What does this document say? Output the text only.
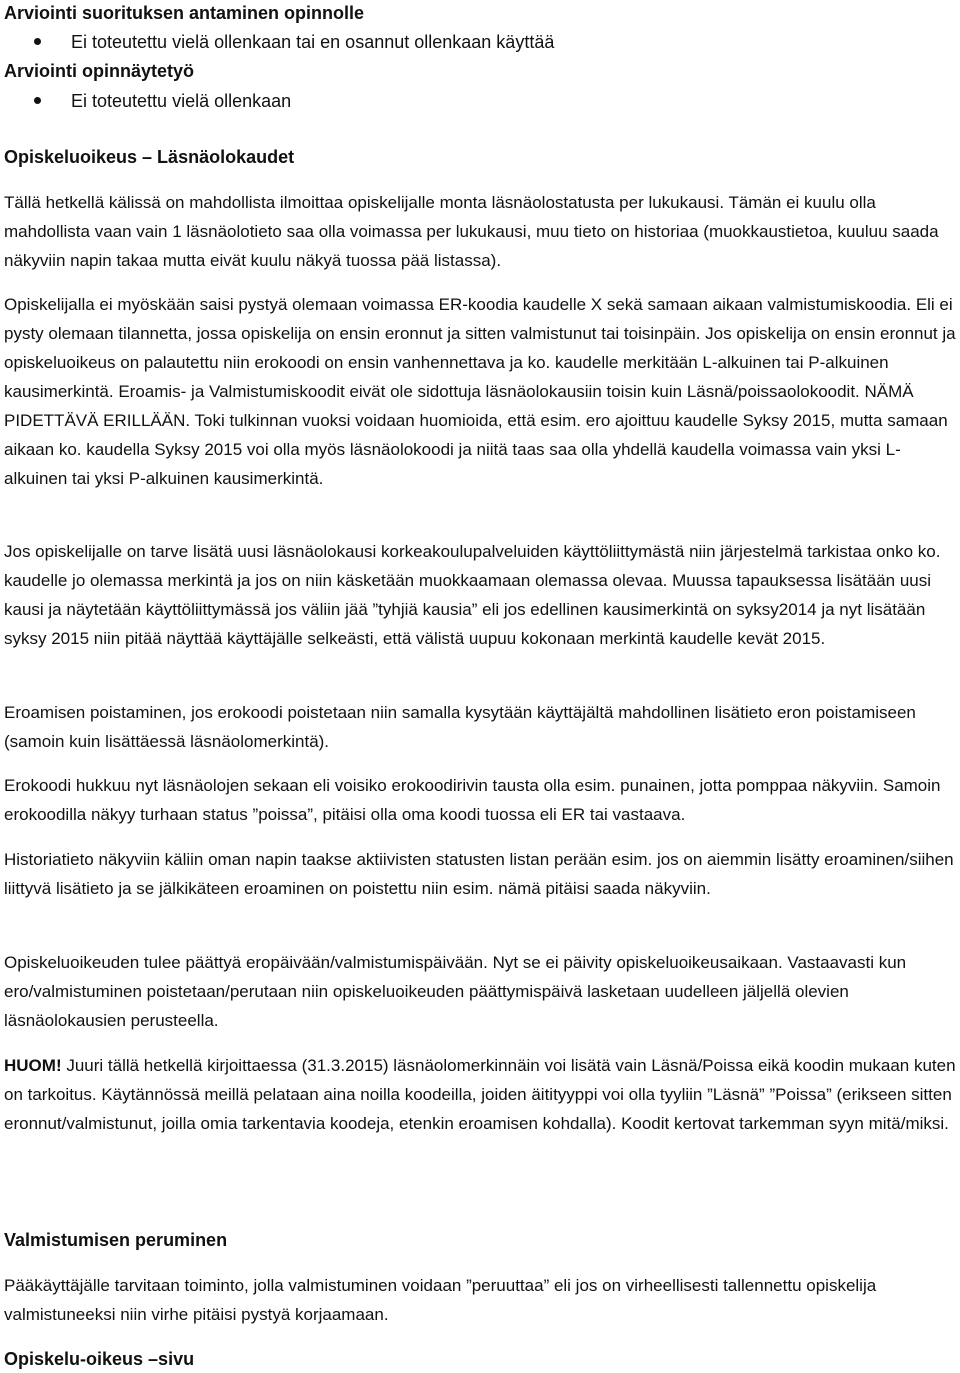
Arviointi suorituksen antaminen opinnolle
Ei toteutettu vielä ollenkaan tai en osannut ollenkaan käyttää
Arviointi opinnäytetyö
Ei toteutettu vielä ollenkaan
Opiskeluoikeus – Läsnäolokaudet
Tällä hetkellä kälissä on mahdollista ilmoittaa opiskelijalle monta läsnäolostatusta per lukukausi. Tämän ei kuulu olla mahdollista vaan vain 1 läsnäolotieto saa olla voimassa per lukukausi, muu tieto on historiaa (muokkaustietoa, kuuluu saada näkyviin napin takaa mutta eivät kuulu näkyä tuossa pää listassa).
Opiskelijalla ei myöskään saisi pystyä olemaan voimassa ER-koodia kaudelle X sekä samaan aikaan valmistumiskoodia. Eli ei pysty olemaan tilannetta, jossa opiskelija on ensin eronnut ja sitten valmistunut tai toisinpäin. Jos opiskelija on ensin eronnut ja opiskeluoikeus on palautettu niin erokoodi on ensin vanhennettava ja ko. kaudelle merkitään L-alkuinen tai P-alkuinen kausimerkintä. Eroamis- ja Valmistumiskoodit eivät ole sidottuja läsnäolokausiin toisin kuin Läsnä/poissaolokoodit. NÄMÄ PIDETTÄVÄ ERILLÄÄN. Toki tulkinnan vuoksi voidaan huomioida, että esim. ero ajoittuu kaudelle Syksy 2015, mutta samaan aikaan ko. kaudella Syksy 2015 voi olla myös läsnäolokoodi ja niitä taas saa olla yhdellä kaudella voimassa vain yksi L-alkuinen tai yksi P-alkuinen kausimerkintä.
Jos opiskelijalle on tarve lisätä uusi läsnäolokausi korkeakoulupalveluiden käyttöliittymästä niin järjestelmä tarkistaa onko ko. kaudelle jo olemassa merkintä ja jos on niin käsketään muokkaamaan olemassa olevaa. Muussa tapauksessa lisätään uusi kausi ja näytetään käyttöliittymässä jos väliin jää ”tyhjiä kausia” eli jos edellinen kausimerkintä on syksy2014 ja nyt lisätään syksy 2015 niin pitää näyttää käyttäjälle selkeästi, että välistä uupuu kokonaan merkintä kaudelle kevät 2015.
Eroamisen poistaminen, jos erokoodi poistetaan niin samalla kysytään käyttäjältä mahdollinen lisätieto eron poistamiseen (samoin kuin lisättäessä läsnäolomerkintä).
Erokoodi hukkuu nyt läsnäolojen sekaan eli voisiko erokoodirivin tausta olla esim. punainen, jotta pomppaa näkyviin. Samoin erokoodilla näkyy turhaan status ”poissa”, pitäisi olla oma koodi tuossa eli ER tai vastaava.
Historiatieto näkyviin käliin oman napin taakse aktiivisten statusten listan perään esim. jos on aiemmin lisätty eroaminen/siihen liittyvä lisätieto ja se jälkikäteen eroaminen on poistettu niin esim. nämä pitäisi saada näkyviin.
Opiskeluoikeuden tulee päättyä eropäivään/valmistumispäivään. Nyt se ei päivity opiskeluoikeusaikaan. Vastaavasti kun ero/valmistuminen poistetaan/perutaan niin opiskeluoikeuden päättymispäivä lasketaan uudelleen jäljellä olevien läsnäolokausien perusteella.
HUOM! Juuri tällä hetkellä kirjoittaessa (31.3.2015) läsnäolomerkinnäin voi lisätä vain Läsnä/Poissa eikä koodin mukaan kuten on tarkoitus. Käytännössä meillä pelataan aina noilla koodeilla, joiden äitityyppi voi olla tyyliin ”Läsnä” ”Poissa” (erikseen sitten eronnut/valmistunut, joilla omia tarkentavia koodeja, etenkin eroamisen kohdalla). Koodit kertovat tarkemman syyn mitä/miksi.
Valmistumisen peruminen
Pääkäyttäjälle tarvitaan toiminto, jolla valmistuminen voidaan ”peruuttaa” eli jos on virheellisesti tallennettu opiskelija valmistuneeksi niin virhe pitäisi pystyä korjaamaan.
Opiskelu-oikeus –sivu
